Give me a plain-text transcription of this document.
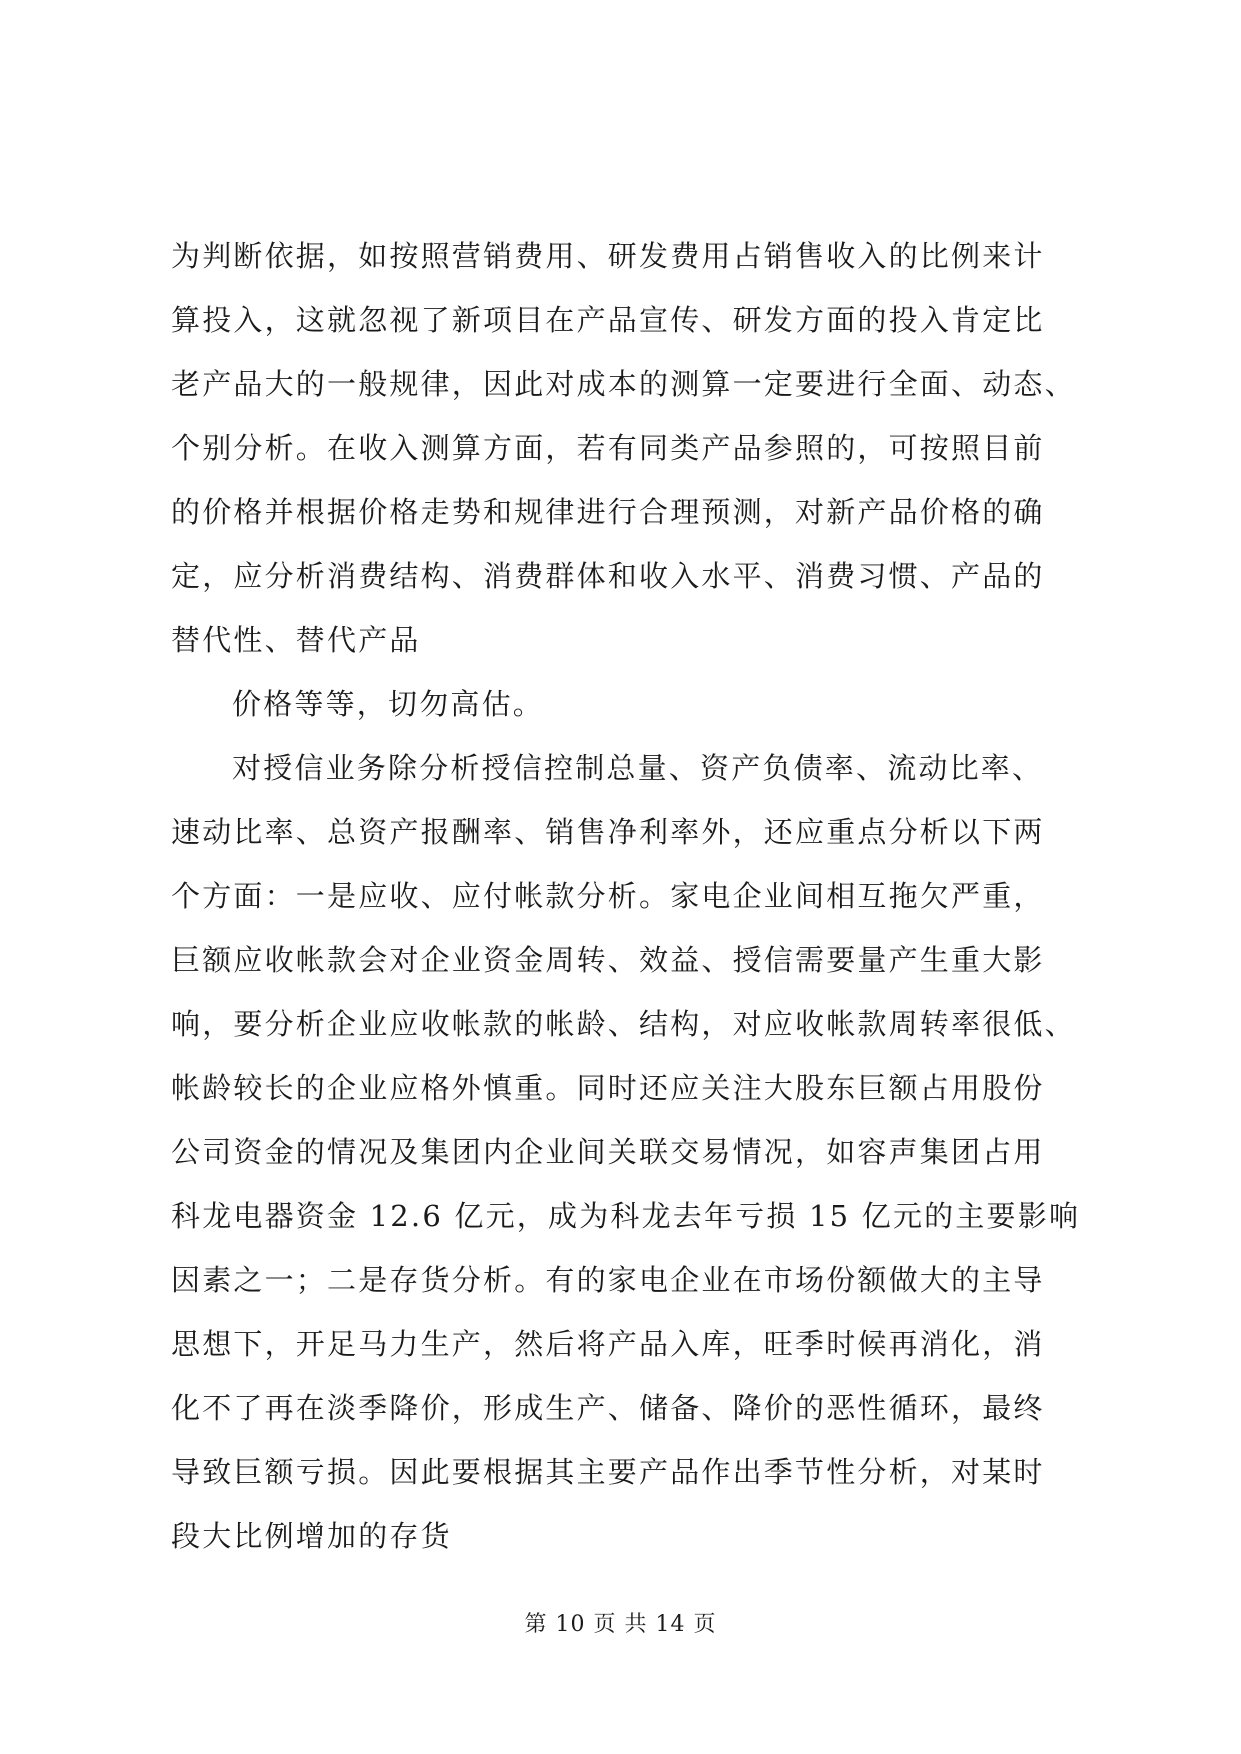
为判断依据，如按照营销费用、研发费用占销售收入的比例来计
算投入，这就忽视了新项目在产品宣传、研发方面的投入肯定比
老产品大的一般规律，因此对成本的测算一定要进行全面、动态、
个别分析。在收入测算方面，若有同类产品参照的，可按照目前
的价格并根据价格走势和规律进行合理预测，对新产品价格的确
定，应分析消费结构、消费群体和收入水平、消费习惯、产品的
替代性、替代产品
价格等等，切勿高估。
对授信业务除分析授信控制总量、资产负债率、流动比率、
速动比率、总资产报酬率、销售净利率外，还应重点分析以下两
个方面：一是应收、应付帐款分析。家电企业间相互拖欠严重，
巨额应收帐款会对企业资金周转、效益、授信需要量产生重大影
响，要分析企业应收帐款的帐龄、结构，对应收帐款周转率很低、
帐龄较长的企业应格外慎重。同时还应关注大股东巨额占用股份
公司资金的情况及集团内企业间关联交易情况，如容声集团占用
科龙电器资金 12.6 亿元，成为科龙去年亏损 15 亿元的主要影响
因素之一；二是存货分析。有的家电企业在市场份额做大的主导
思想下，开足马力生产，然后将产品入库，旺季时候再消化，消
化不了再在淡季降价，形成生产、储备、降价的恶性循环，最终
导致巨额亏损。因此要根据其主要产品作出季节性分析，对某时
段大比例增加的存货
第 10 页 共 14 页
